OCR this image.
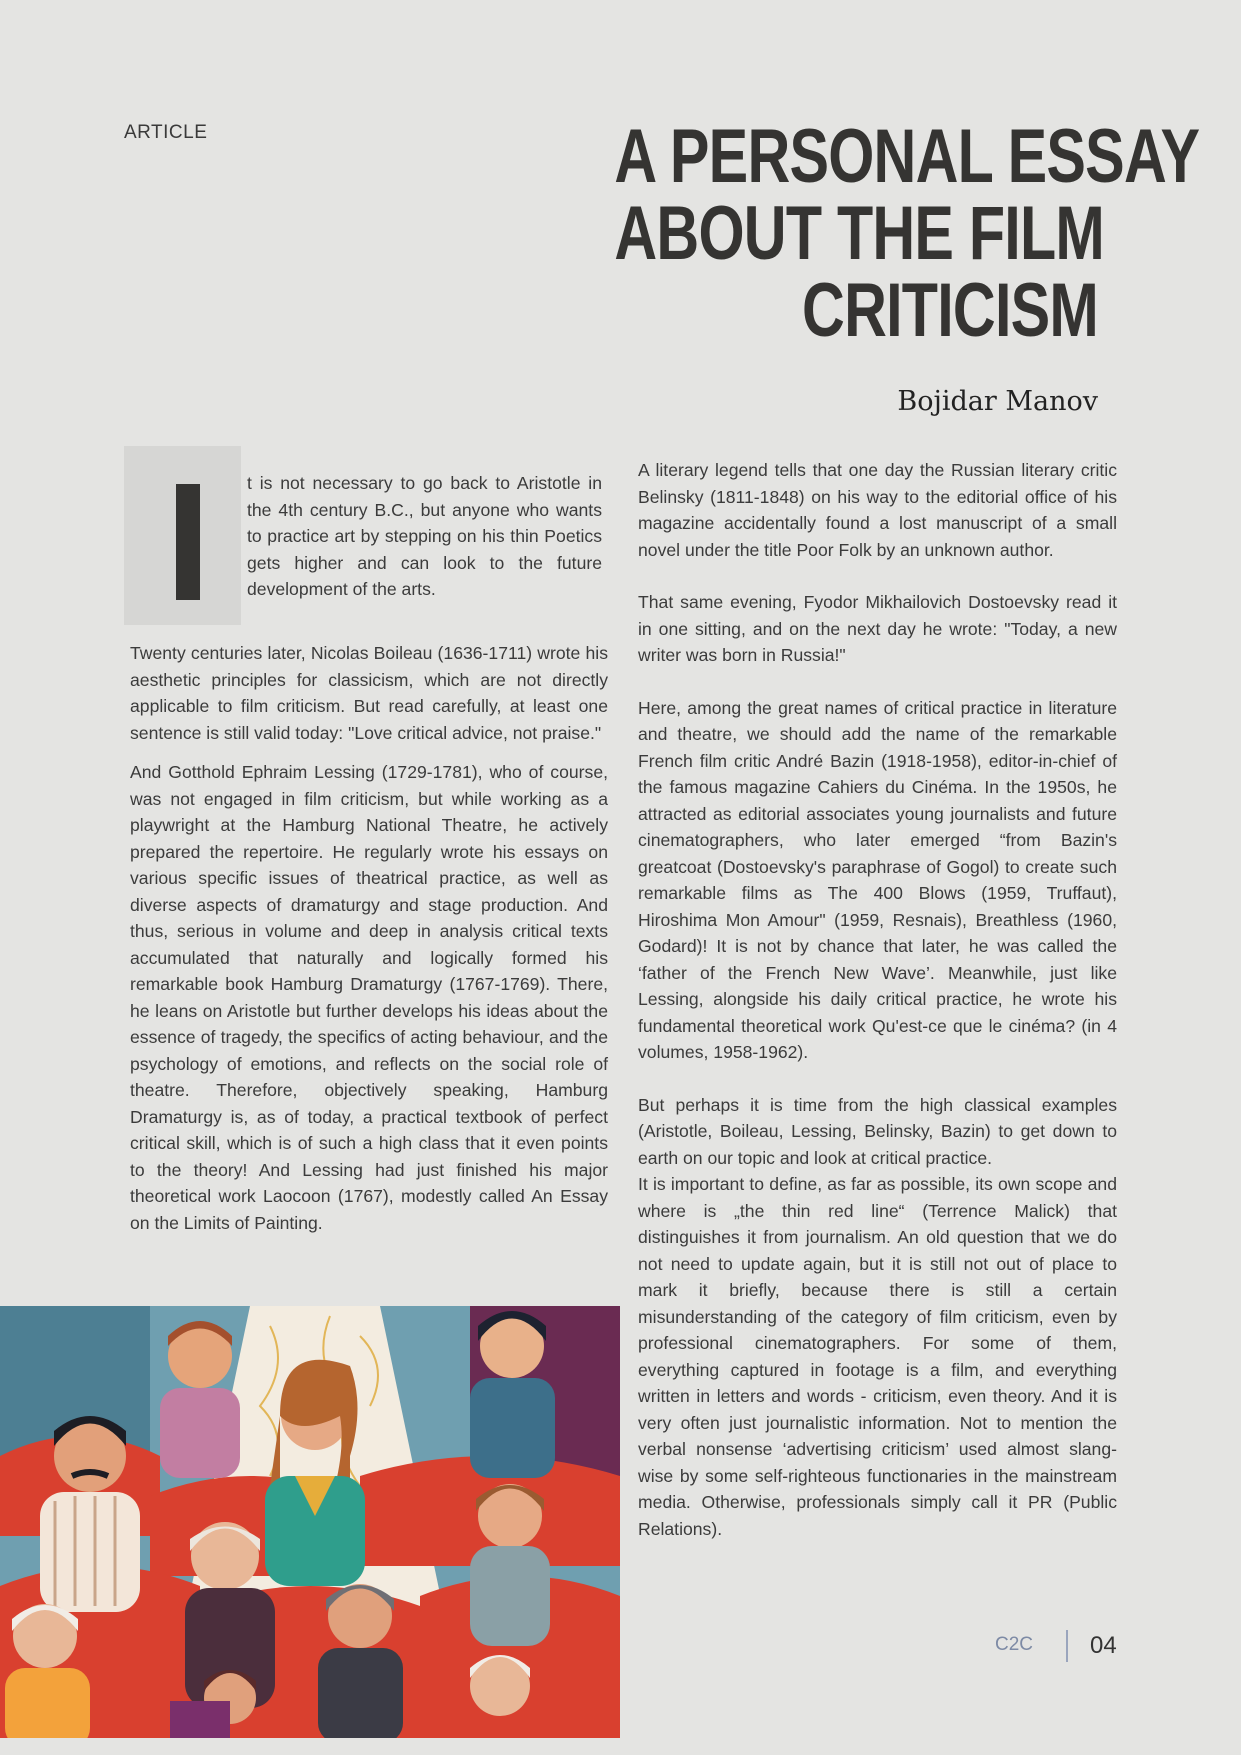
ARTICLE	A PERSONAL ESSAY
ABOUT THE FILM
CRITICISM
Bojidar Manov

t is not necessary to go back to Aristotle in the 4th century B.C., but anyone who wants to practice art by stepping on his thin Poetics gets higher and can look to the future development of the arts.

Twenty centuries later, Nicolas Boileau (1636-1711) wrote his aesthetic principles for classicism, which are not directly applicable to film criticism. But read carefully, at least one sentence is still valid today: "Love critical advice, not praise."

And Gotthold Ephraim Lessing (1729-1781), who of course, was not engaged in film criticism, but while working as a playwright at the Hamburg National Theatre, he actively prepared the repertoire. He regularly wrote his essays on various specific issues of theatrical practice, as well as diverse aspects of dramaturgy and stage production. And thus, serious in volume and deep in analysis critical texts accumulated that naturally and logically formed his remarkable book Hamburg Dramaturgy (1767-1769). There, he leans on Aristotle but further develops his ideas about the essence of tragedy, the specifics of acting behaviour, and the psychology of emotions, and reflects on the social role of theatre. Therefore, objectively speaking, Hamburg Dramaturgy is, as of today, a practical textbook of perfect critical skill, which is of such a high class that it even points to the theory! And Lessing had just finished his major theoretical work Laocoon (1767), modestly called An Essay on the Limits of Painting.

A literary legend tells that one day the Russian literary critic Belinsky (1811-1848) on his way to the editorial office of his magazine accidentally found a lost manuscript of a small novel under the title Poor Folk by an unknown author.

That same evening, Fyodor Mikhailovich Dostoevsky read it in one sitting, and on the next day he wrote: "Today, a new writer was born in Russia!"

Here, among the great names of critical practice in literature and theatre, we should add the name of the remarkable French film critic André Bazin (1918-1958), editor-in-chief of the famous magazine Cahiers du Cinéma. In the 1950s, he attracted as editorial associates young journalists and future cinematographers, who later emerged “from Bazin's greatcoat (Dostoevsky's paraphrase of Gogol) to create such remarkable films as The 400 Blows (1959, Truffaut), Hiroshima Mon Amour" (1959, Resnais), Breathless (1960, Godard)! It is not by chance that later, he was called the ‘father of the French New Wave’. Meanwhile, just like Lessing, alongside his daily critical practice, he wrote his fundamental theoretical work Qu'est-ce que le cinéma? (in 4 volumes, 1958-1962).

But perhaps it is time from the high classical examples (Aristotle, Boileau, Lessing, Belinsky, Bazin) to get down to earth on our topic and look at critical practice.

It is important to define, as far as possible, its own scope and where is „the thin red line“ (Terrence Malick) that distinguishes it from journalism. An old question that we do not need to update again, but it is still not out of place to mark it briefly, because there is still a certain misunderstanding of the category of film criticism, even by professional cinematographers. For some of them, everything captured in footage is a film, and everything written in letters and words - criticism, even theory. And it is very often just journalistic information. Not to mention the verbal nonsense ‘advertising criticism’ used almost slang-wise by some self-righteous functionaries in the mainstream media. Otherwise, professionals simply call it PR (Public Relations).

C2C 04
